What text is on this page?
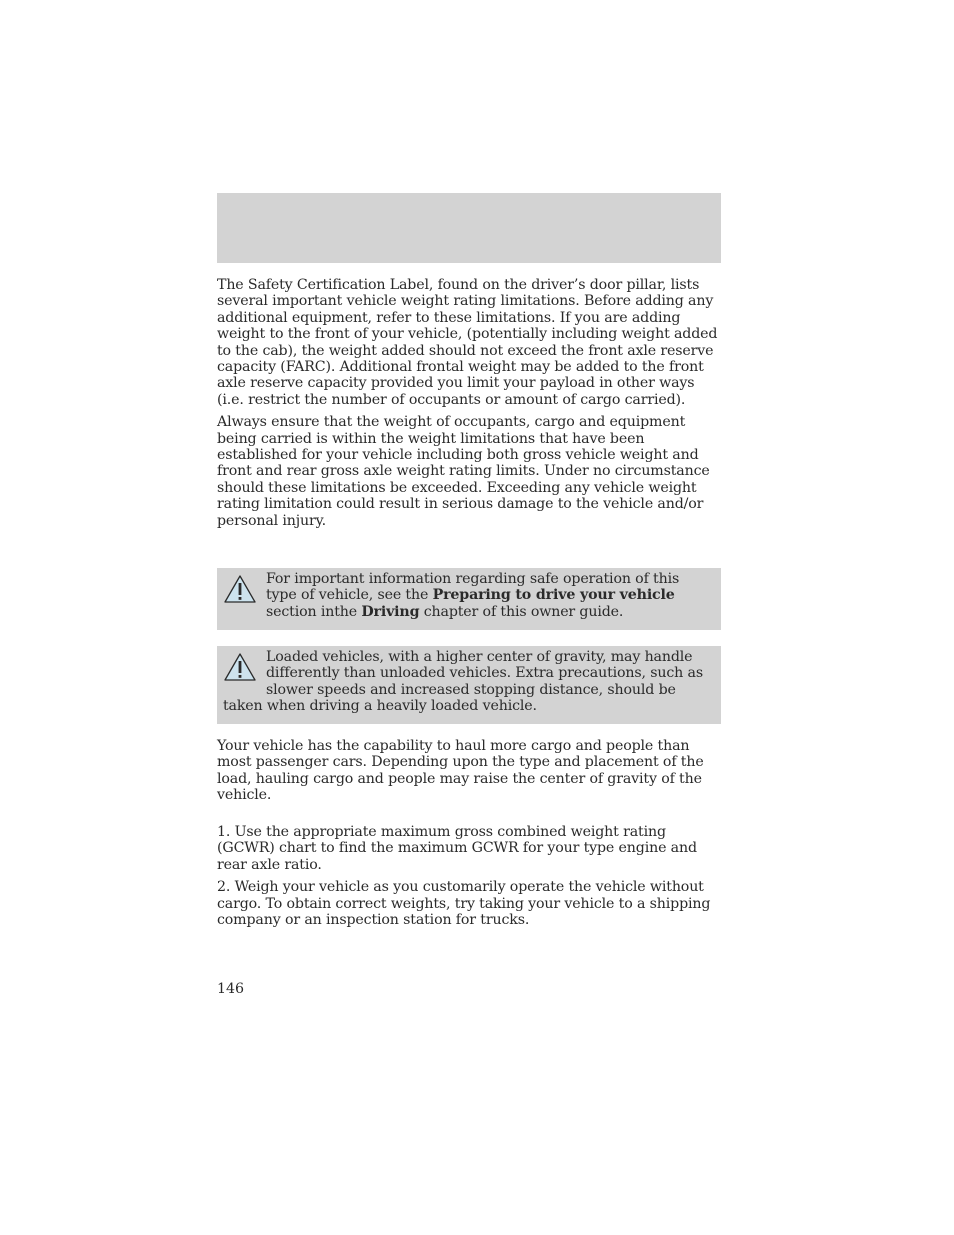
The Safety Certification Label, found on the driver’s door pillar, lists several important vehicle weight rating limitations. Before adding any additional equipment, refer to these limitations. If you are adding weight to the front of your vehicle, (potentially including weight added to the cab), the weight added should not exceed the front axle reserve capacity (FARC). Additional frontal weight may be added to the front axle reserve capacity provided you limit your payload in other ways (i.e. restrict the number of occupants or amount of cargo carried).

Always ensure that the weight of occupants, cargo and equipment being carried is within the weight limitations that have been established for your vehicle including both gross vehicle weight and front and rear gross axle weight rating limits. Under no circumstance should these limitations be exceeded. Exceeding any vehicle weight rating limitation could result in serious damage to the vehicle and/or personal injury.

For important information regarding safe operation of this type of vehicle, see the Preparing to drive your vehicle section inthe Driving chapter of this owner guide.
Loaded vehicles, with a higher center of gravity, may handle differently than unloaded vehicles. Extra precautions, such as slower speeds and increased stopping distance, should be taken when driving a heavily loaded vehicle.

Your vehicle has the capability to haul more cargo and people than most passenger cars. Depending upon the type and placement of the load, hauling cargo and people may raise the center of gravity of the vehicle.

1. Use the appropriate maximum gross combined weight rating (GCWR) chart to find the maximum GCWR for your type engine and rear axle ratio.

2. Weigh your vehicle as you customarily operate the vehicle without cargo. To obtain correct weights, try taking your vehicle to a shipping company or an inspection station for trucks.

146
